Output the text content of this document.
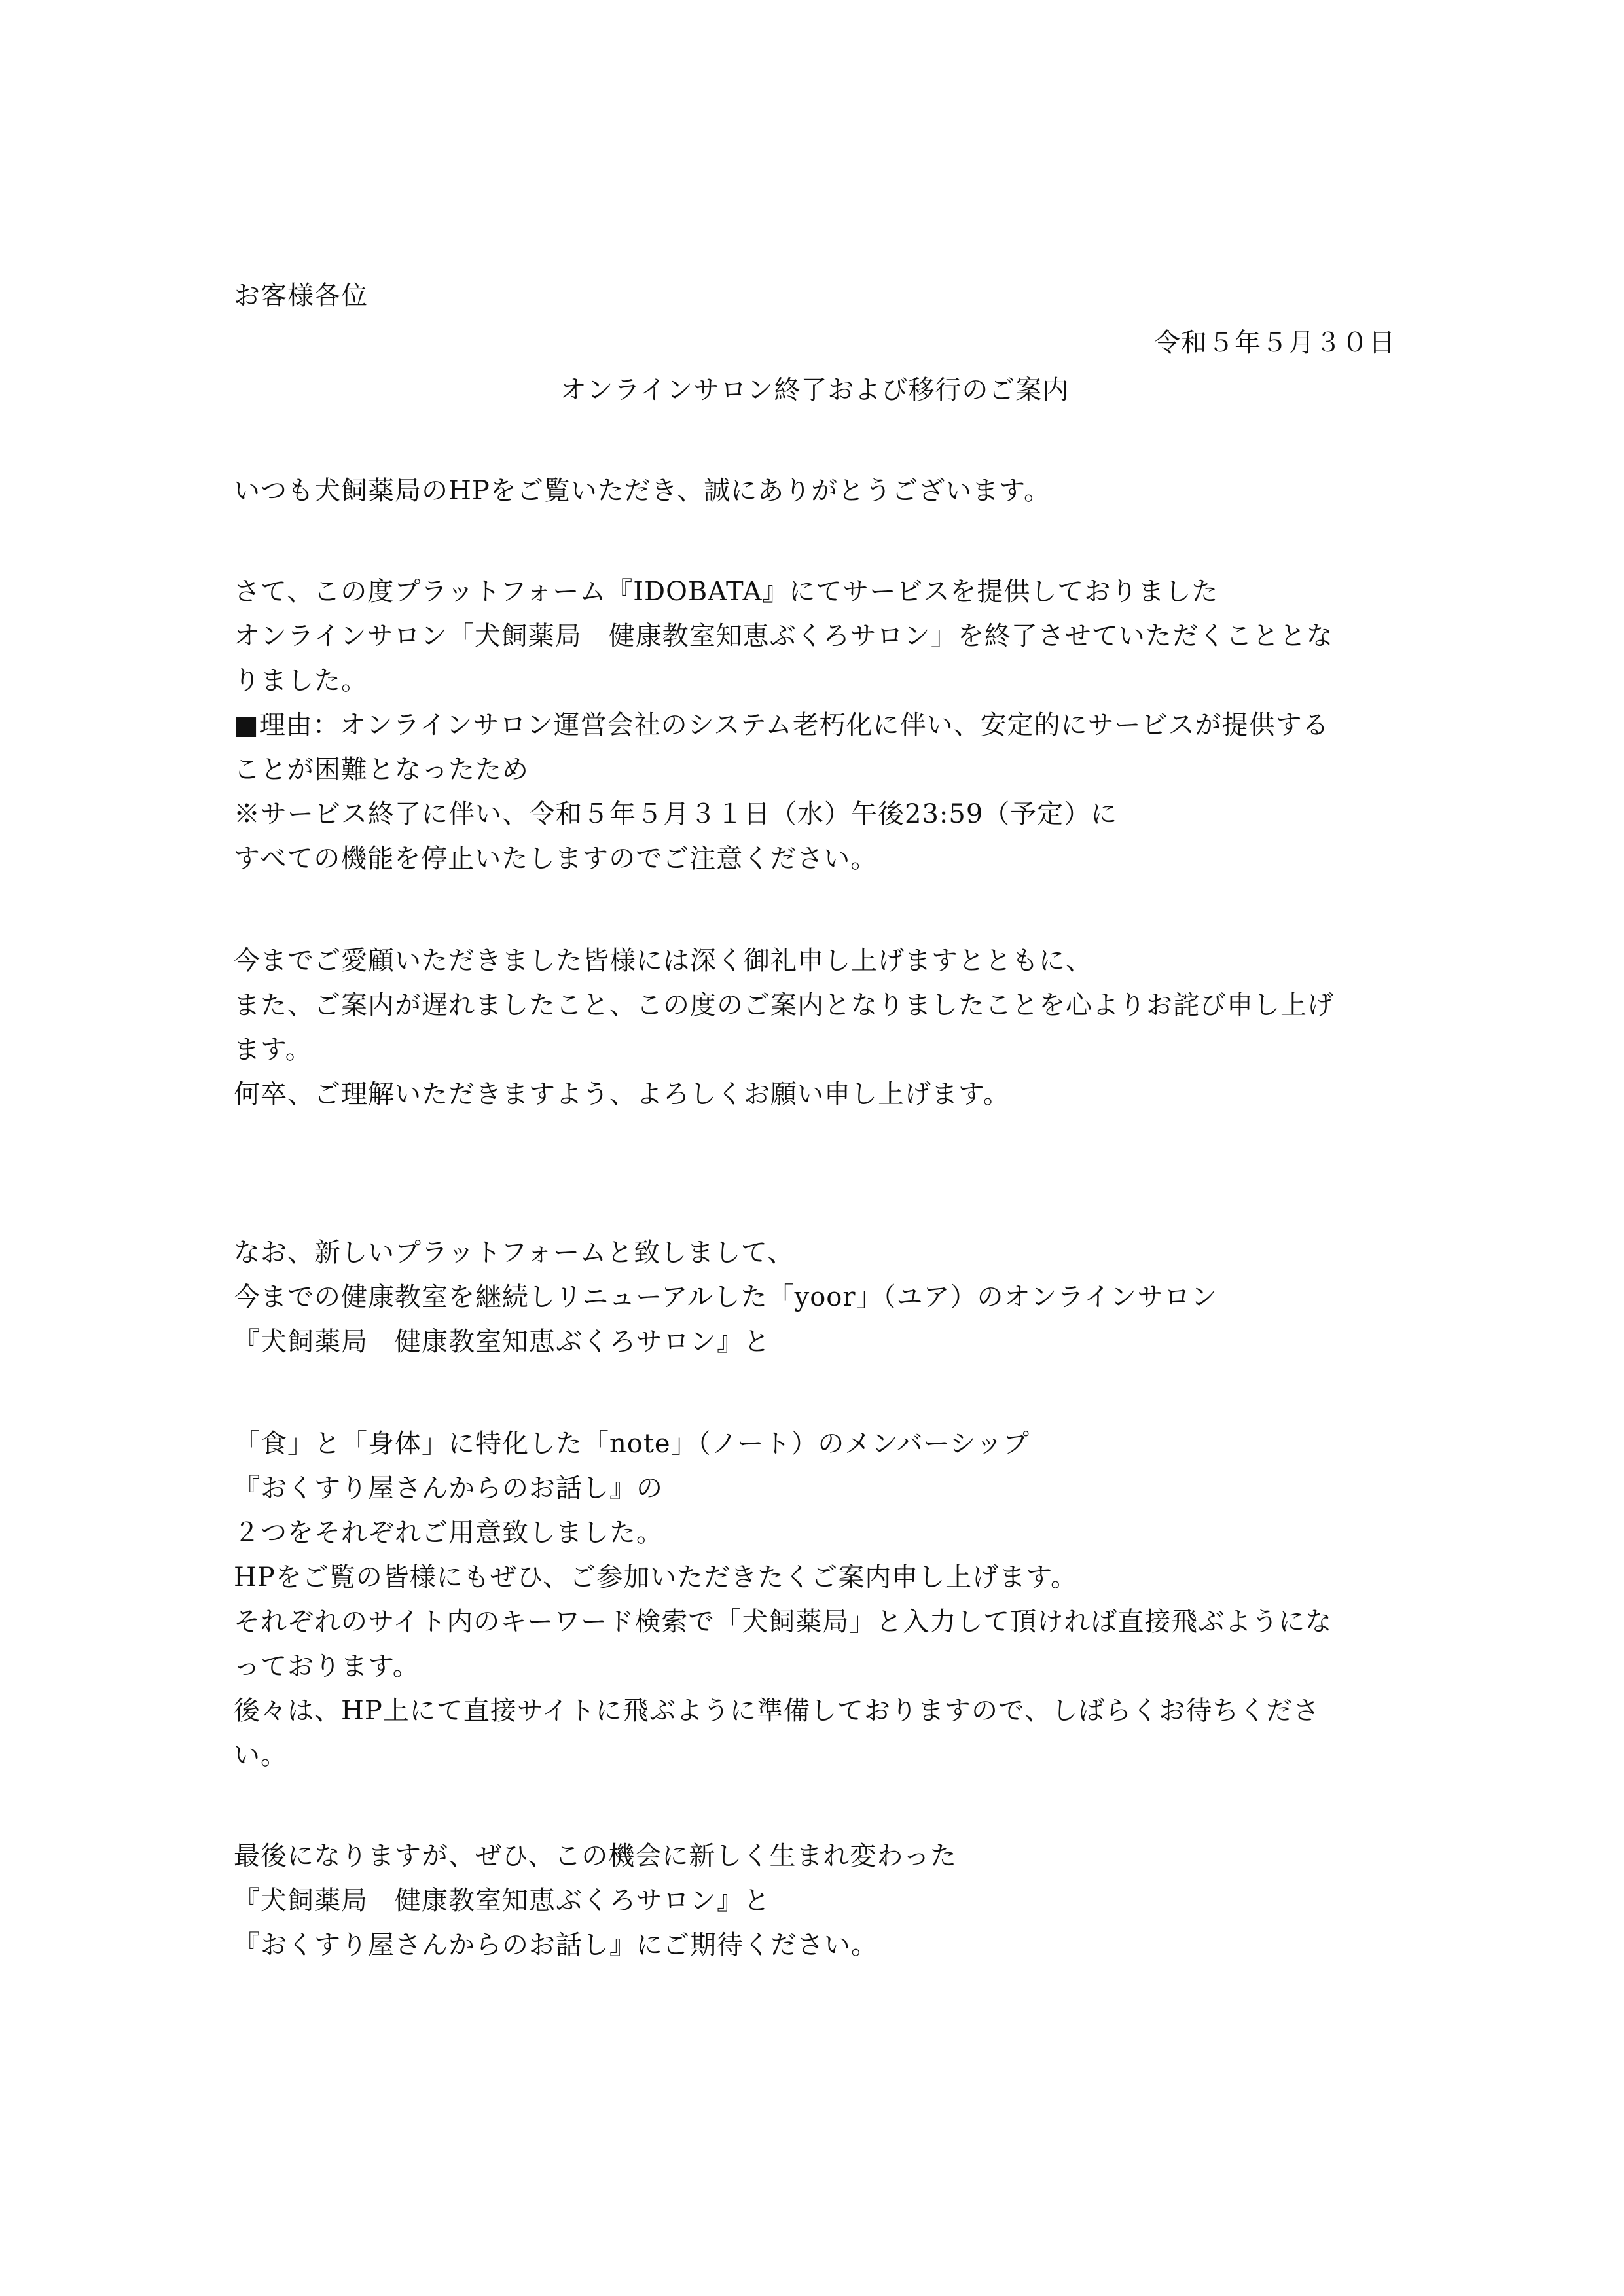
お客様各位
令和５年５月３０日
オンラインサロン終了および移行のご案内
いつも犬飼薬局のHPをご覧いただき、誠にありがとうございます。
さて、この度プラットフォーム『IDOBATA』にてサービスを提供しておりました
オンラインサロン「犬飼薬局　健康教室知恵ぶくろサロン」を終了させていただくこととな
りました。
■理由：オンラインサロン運営会社のシステム老朽化に伴い、安定的にサービスが提供する
ことが困難となったため
※サービス終了に伴い、令和５年５月３１日（水）午後23:59（予定）に
すべての機能を停止いたしますのでご注意ください。
今までご愛顧いただきました皆様には深く御礼申し上げますとともに、
また、ご案内が遅れましたこと、この度のご案内となりましたことを心よりお詫び申し上げ
ます。
何卒、ご理解いただきますよう、よろしくお願い申し上げます。
なお、新しいプラットフォームと致しまして、
今までの健康教室を継続しリニューアルした「yoor」（ユア）のオンラインサロン
『犬飼薬局　健康教室知恵ぶくろサロン』と
「食」と「身体」に特化した「note」（ノート）のメンバーシップ
『おくすり屋さんからのお話し』の
２つをそれぞれご用意致しました。
HPをご覧の皆様にもぜひ、ご参加いただきたくご案内申し上げます。
それぞれのサイト内のキーワード検索で「犬飼薬局」と入力して頂ければ直接飛ぶようにな
っております。
後々は、HP上にて直接サイトに飛ぶように準備しておりますので、しばらくお待ちくださ
い。
最後になりますが、ぜひ、この機会に新しく生まれ変わった
『犬飼薬局　健康教室知恵ぶくろサロン』と
『おくすり屋さんからのお話し』にご期待ください。
